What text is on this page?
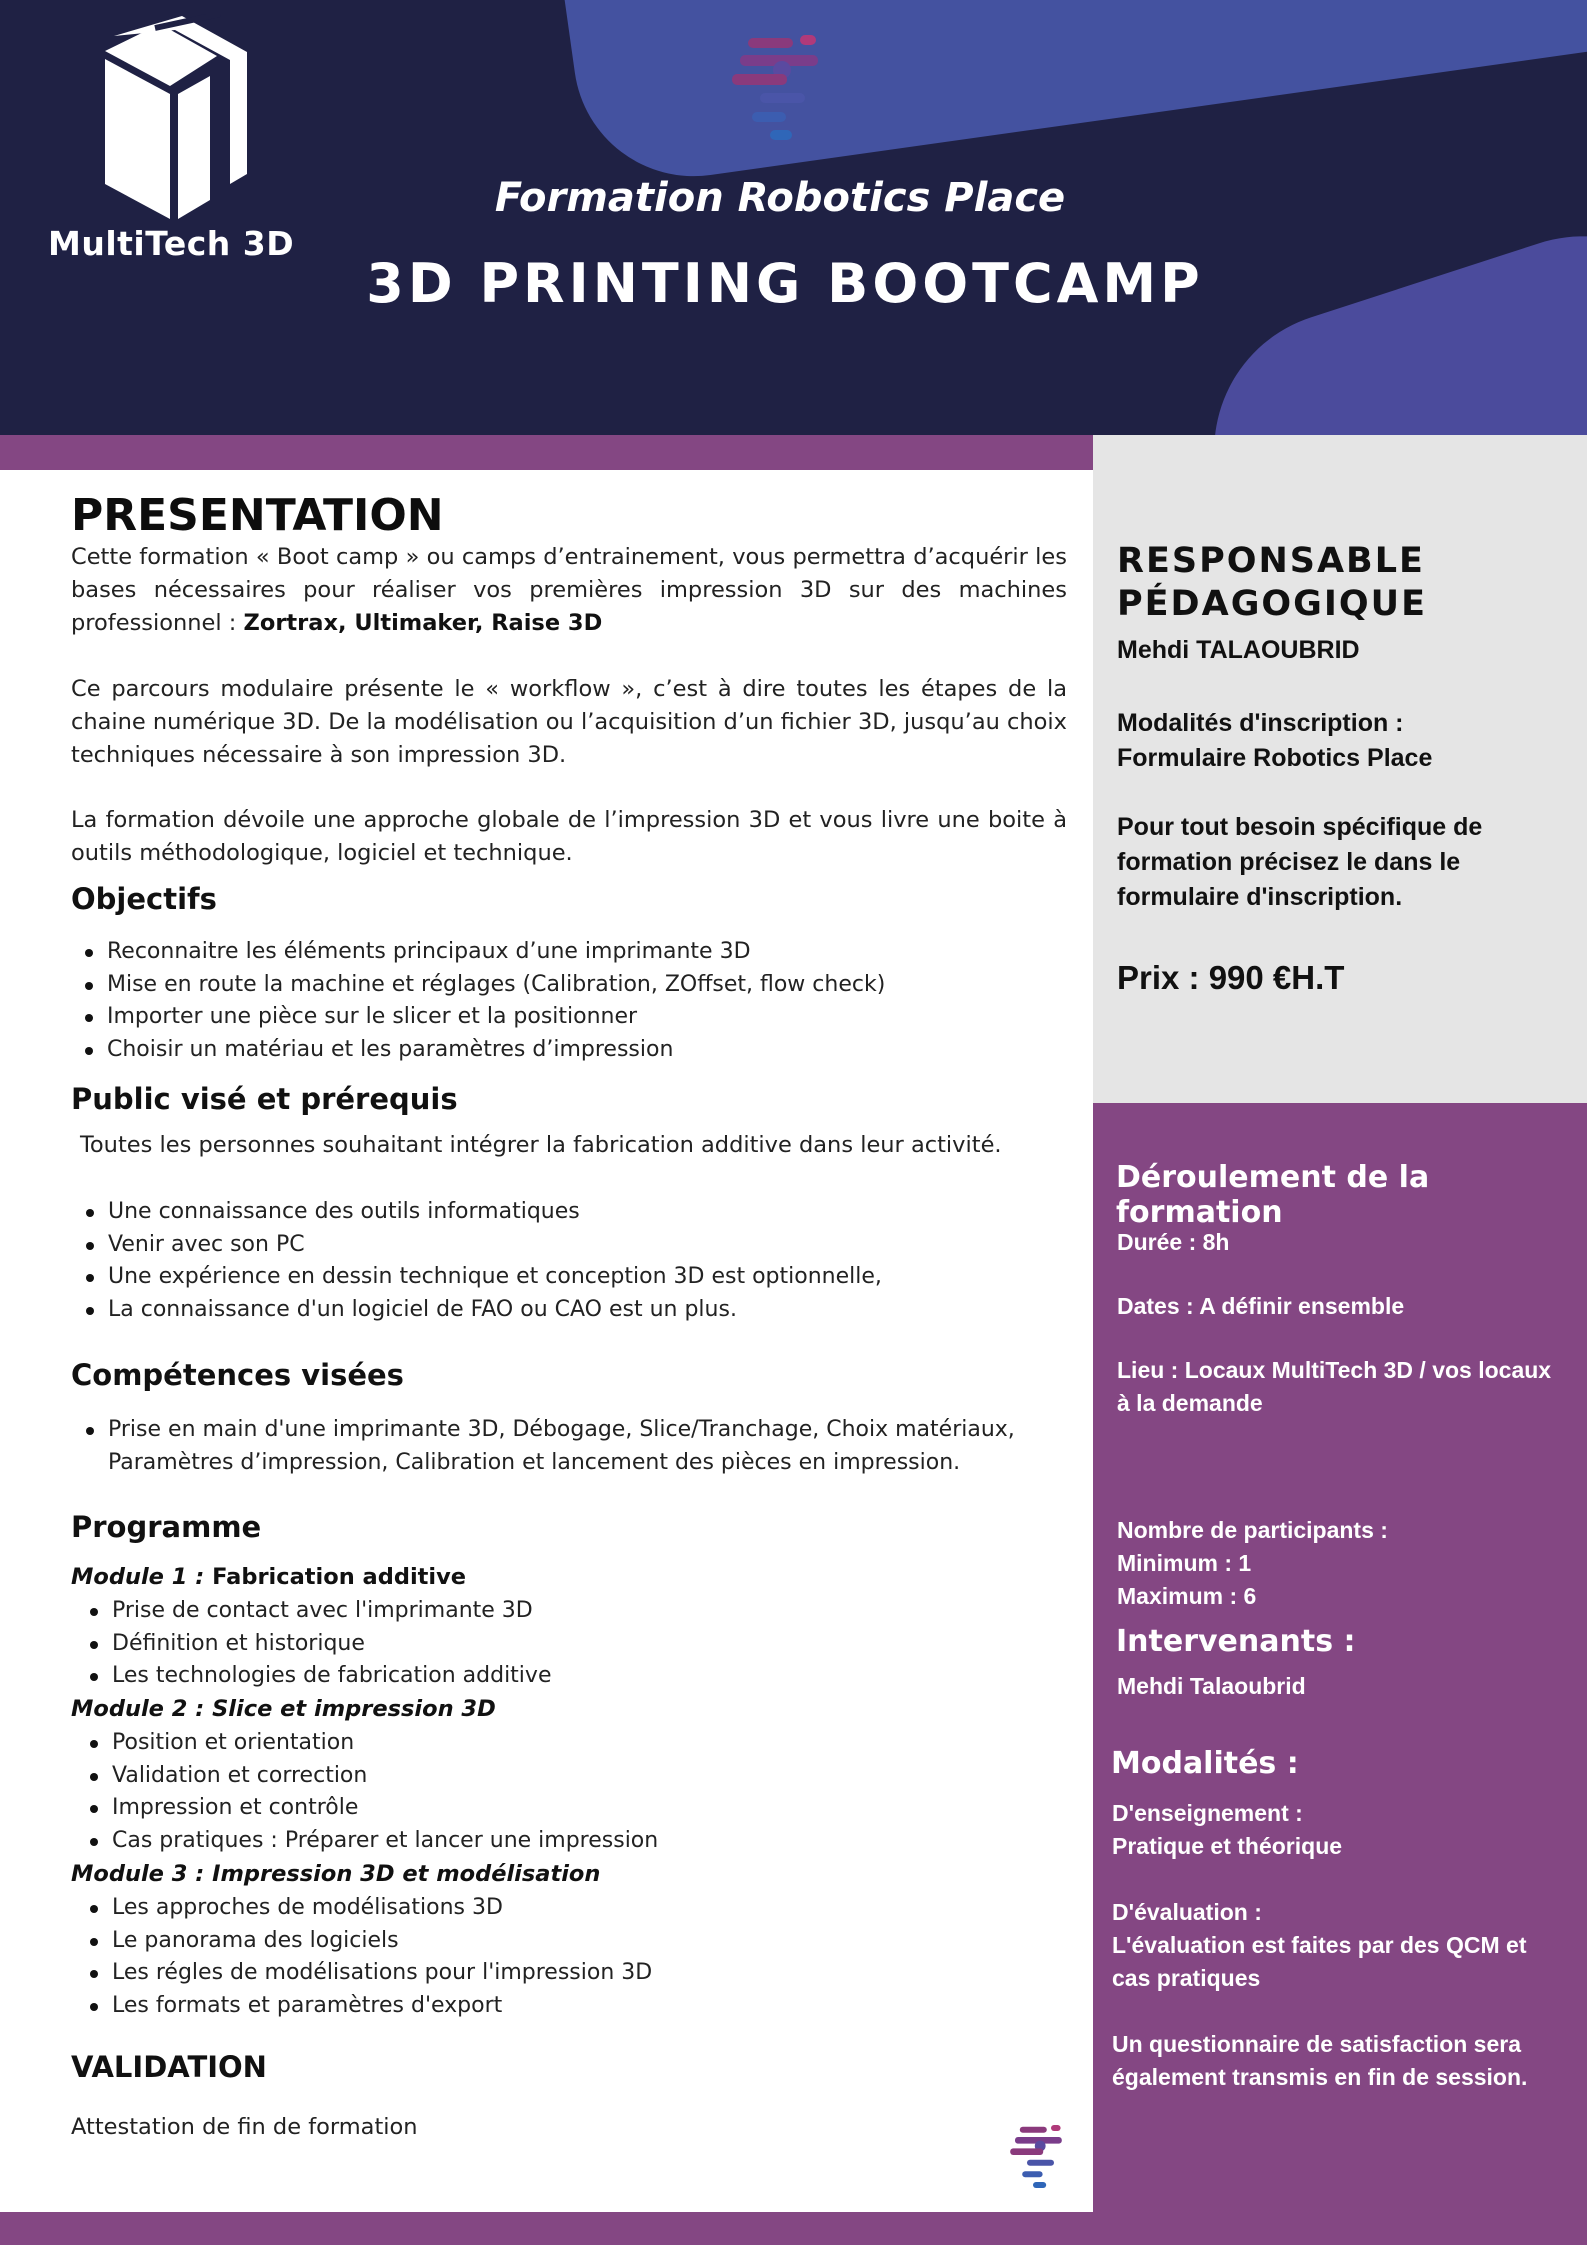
MultiTech 3D
Formation Robotics Place
3D PRINTING BOOTCAMP
RESPONSABLE
PÉDAGOGIQUE
Mehdi TALAOUBRID
Modalités d'inscription :
Formulaire Robotics Place
Pour tout besoin spécifique de
formation précisez le dans le
formulaire d'inscription.
Prix : 990 €H.T
Déroulement de la formation
Durée : 8h
Dates : A définir ensemble
Lieu : Locaux MultiTech 3D / vos locaux
à la demande
Nombre de participants :
Minimum : 1
Maximum : 6
Intervenants :
Mehdi Talaoubrid
Modalités :
D'enseignement :
Pratique et théorique
D'évaluation :
L'évaluation est faites par des QCM et
cas pratiques
Un questionnaire de satisfaction sera
également transmis en fin de session.
PRESENTATION
Cette formation « Boot camp » ou camps d’entrainement, vous permettra d’acquérir les bases nécessaires pour réaliser vos premières impression 3D sur des machines professionnel : Zortrax, Ultimaker, Raise 3D
Ce parcours modulaire présente le « workflow », c’est à dire toutes les étapes de la chaine numérique 3D. De la modélisation ou l’acquisition d’un fichier 3D, jusqu’au choix techniques nécessaire à son impression 3D.
La formation dévoile une approche globale de l’impression 3D et vous livre une boite à outils méthodologique, logiciel et technique.
Objectifs
Reconnaitre les éléments principaux d’une imprimante 3D
Mise en route la machine et réglages (Calibration, ZOffset, flow check)
Importer une pièce sur le slicer et la positionner
Choisir un matériau et les paramètres d’impression
Public visé et prérequis
Toutes les personnes souhaitant intégrer la fabrication additive dans leur activité.
Une connaissance des outils informatiques
Venir avec son PC
Une expérience en dessin technique et conception 3D est optionnelle,
La connaissance d'un logiciel de FAO ou CAO est un plus.
Compétences visées
Prise en main d'une imprimante 3D, Débogage, Slice/Tranchage, Choix matériaux,
Paramètres d’impression, Calibration et lancement des pièces en impression.
Programme
Module 1 : Fabrication additive
Prise de contact avec l'imprimante 3D
Définition et historique
Les technologies de fabrication additive
Module 2 : Slice et impression 3D
Position et orientation
Validation et correction
Impression et contrôle
Cas pratiques : Préparer et lancer une impression
Module 3 : Impression 3D et modélisation
Les approches de modélisations 3D
Le panorama des logiciels
Les régles de modélisations pour l'impression 3D
Les formats et paramètres d'export
VALIDATION
Attestation de fin de formation
